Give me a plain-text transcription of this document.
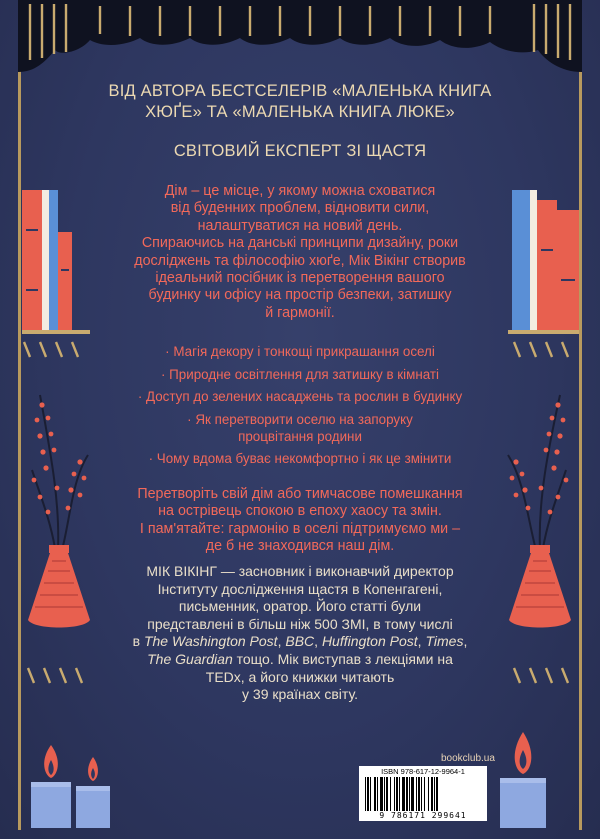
ВІД АВТОРА БЕСТСЕЛЕРІВ «МАЛЕНЬКА КНИГА
ХЮҐЕ» ТА «МАЛЕНЬКА КНИГА ЛЮКЕ»
СВІТОВИЙ ЕКСПЕРТ ЗІ ЩАСТЯ
Дім – це місце, у якому можна сховатися
від буденних проблем, відновити сили,
налаштуватися на новий день.
Спираючись на данські принципи дизайну, роки
досліджень та філософію хюґе, Мік Вікінг створив
ідеальний посібник із перетворення вашого
будинку чи офісу на простір безпеки, затишку
й гармонії.
· Магія декору і тонкощі прикрашання оселі
· Природне освітлення для затишку в кімнаті
· Доступ до зелених насаджень та рослин в будинку
· Як перетворити оселю на запоруку
процвітання родини
· Чому вдома буває некомфортно і як це змінити
Перетворіть свій дім або тимчасове помешкання
на острівець спокою в епоху хаосу та змін.
І пам'ятайте: гармонію в оселі підтримуємо ми –
де б не знаходився наш дім.
МІК ВІКІНГ — засновник і виконавчий директор
Інституту дослідження щастя в Копенгагені,
письменник, оратор. Його статті були
представлені в більш ніж 500 ЗМІ, в тому числі
в The Washington Post, BBC, Huffington Post, Times,
The Guardian тощо. Мік виступав з лекціями на
TEDx, а його книжки читають
у 39 країнах світу.
bookclub.ua
ISBN 978-617-12-9964-1
9 786171 299641
